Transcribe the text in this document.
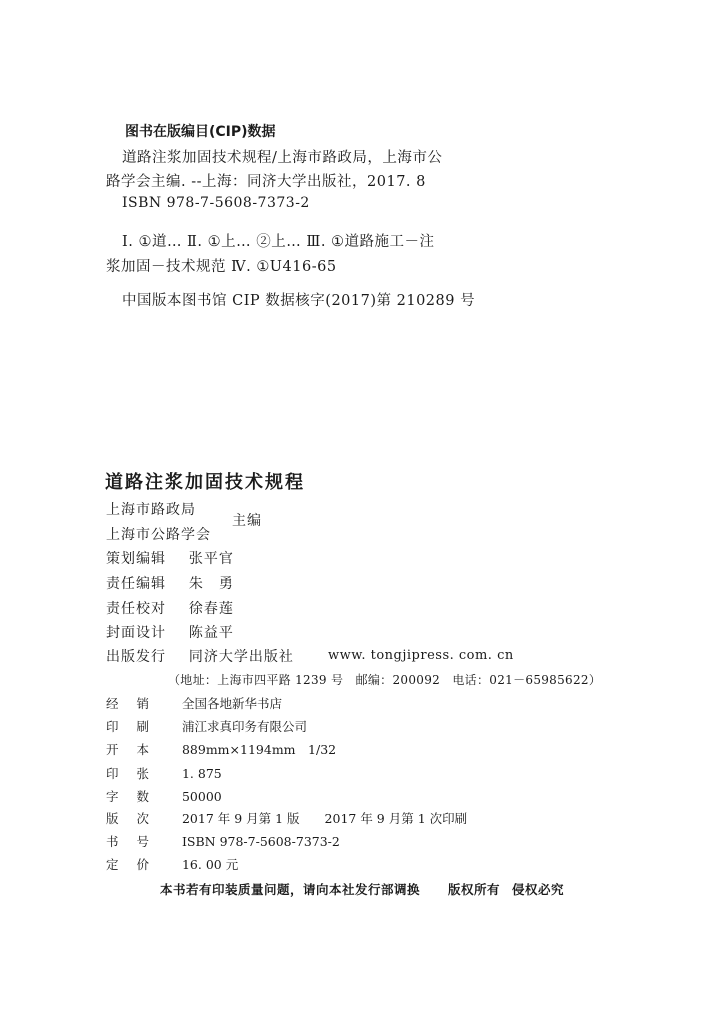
图书在版编目(CIP)数据
道路注浆加固技术规程/上海市路政局，上海市公
路学会主编. --上海：同济大学出版社，2017. 8
ISBN 978-7-5608-7373-2
Ⅰ. ①道… Ⅱ. ①上… ②上… Ⅲ. ①道路施工－注
浆加固－技术规范 Ⅳ. ①U416-65
中国版本图书馆 CIP 数据核字(2017)第 210289 号
道路注浆加固技术规程
上海市路政局
上海市公路学会
主编
策划编辑 张平官
责任编辑 朱　勇
责任校对 徐春莲
封面设计 陈益平
出版发行 同济大学出版社	www. tongjipress. com. cn
（地址：上海市四平路 1239 号　邮编：200092　电话：021－65985622）
经 销	全国各地新华书店
印 刷	浦江求真印务有限公司
开 本	889mm×1194mm　1/32
印 张	1. 875
字 数	50000
版 次	2017 年 9 月第 1 版　　2017 年 9 月第 1 次印刷
书 号	ISBN 978-7-5608-7373-2
定 价	16. 00 元
本书若有印装质量问题，请向本社发行部调换 版权所有 侵权必究
